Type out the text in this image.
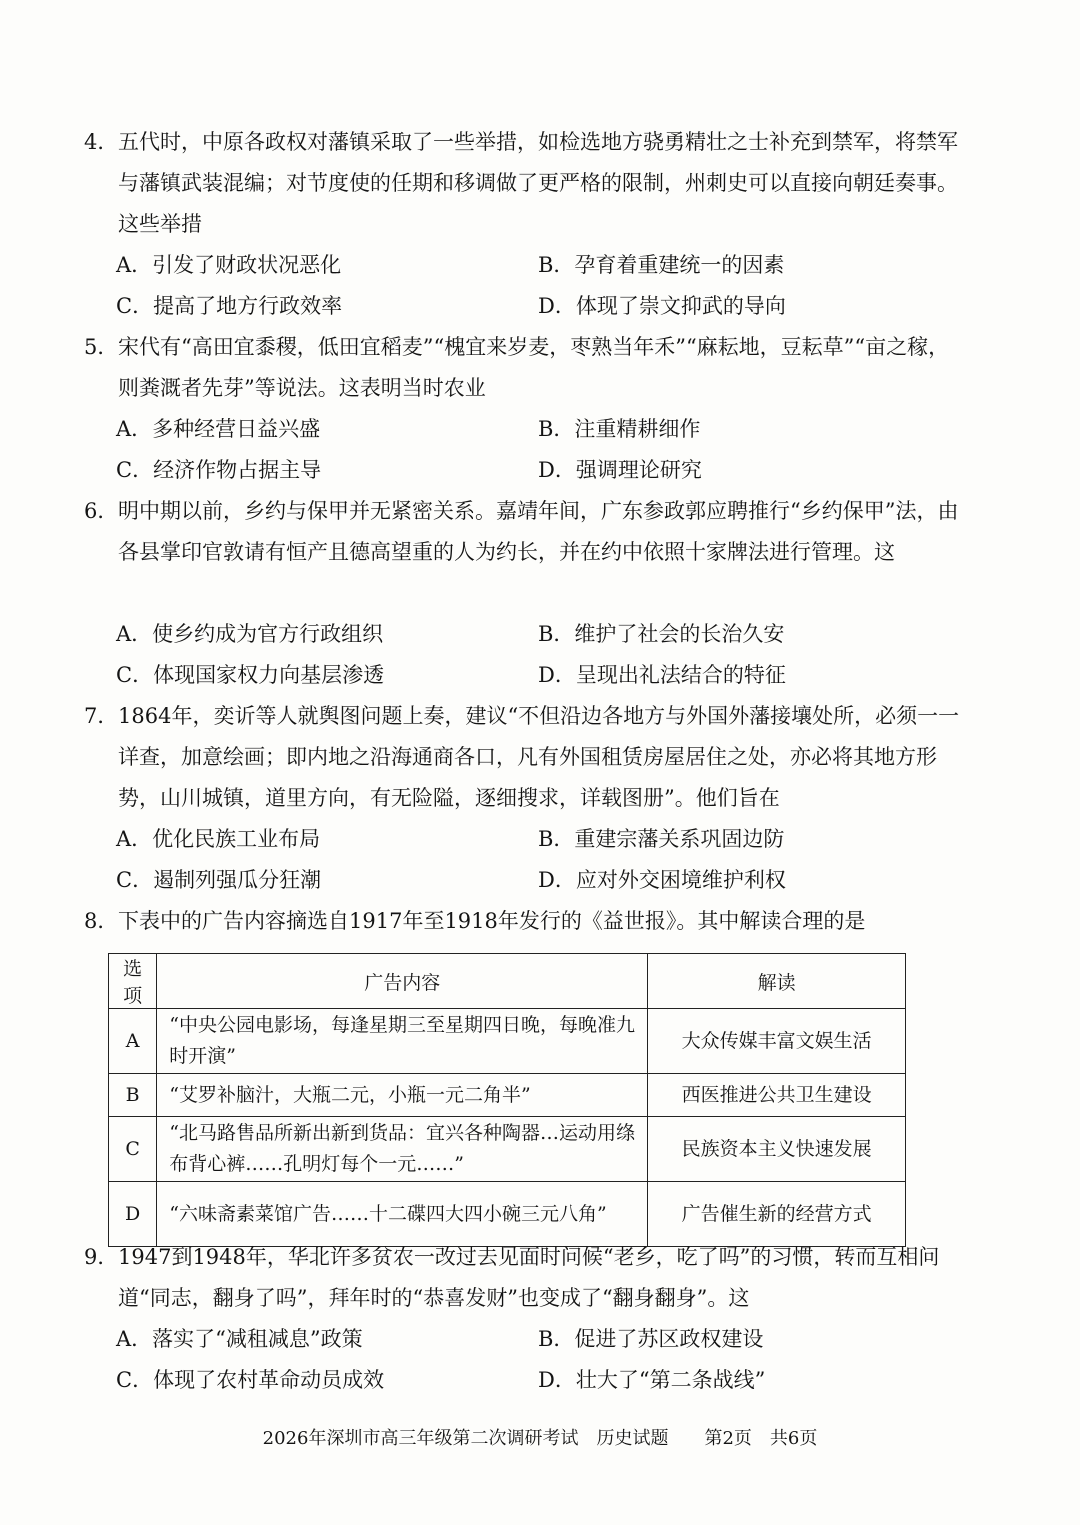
4． 五代时，中原各政权对藩镇采取了一些举措，如检选地方骁勇精壮之士补充到禁军，将禁军与藩镇武装混编；对节度使的任期和移调做了更严格的限制，州刺史可以直接向朝廷奏事。这些举措
A．引发了财政状况恶化	B．孕育着重建统一的因素
C．提高了地方行政效率	D．体现了崇文抑武的导向
5． 宋代有“高田宜黍稷，低田宜稻麦”“槐宜来岁麦，枣熟当年禾”“麻耘地，豆耘草”“亩之稼，则粪溉者先芽”等说法。这表明当时农业
A．多种经营日益兴盛	B．注重精耕细作
C．经济作物占据主导	D．强调理论研究
6． 明中期以前，乡约与保甲并无紧密关系。嘉靖年间，广东参政郭应聘推行“乡约保甲”法，由各县掌印官敦请有恒产且德高望重的人为约长，并在约中依照十家牌法进行管理。这
A．使乡约成为官方行政组织	B．维护了社会的长治久安
C．体现国家权力向基层渗透	D．呈现出礼法结合的特征
7． 1864年，奕䜣等人就舆图问题上奏，建议“不但沿边各地方与外国外藩接壤处所，必须一一详查，加意绘画；即内地之沿海通商各口，凡有外国租赁房屋居住之处，亦必将其地方形势，山川城镇，道里方向，有无险隘，逐细搜求，详载图册”。他们旨在
A．优化民族工业布局	B．重建宗藩关系巩固边防
C．遏制列强瓜分狂潮	D．应对外交困境维护利权
8． 下表中的广告内容摘选自1917年至1918年发行的《益世报》。其中解读合理的是
选项	广告内容	解读
A	“中央公园电影场，每逢星期三至星期四日晚，每晚准九时开演”	大众传媒丰富文娱生活
B	“艾罗补脑汁，大瓶二元，小瓶一元二角半”	西医推进公共卫生建设
C	“北马路售品所新出新到货品：宜兴各种陶器…运动用绦布背心裤……孔明灯每个一元……”	民族资本主义快速发展
D	“六味斋素菜馆广告……十二碟四大四小碗三元八角”	广告催生新的经营方式
9． 1947到1948年，华北许多贫农一改过去见面时问候“老乡，吃了吗”的习惯，转而互相问道“同志，翻身了吗”，拜年时的“恭喜发财”也变成了“翻身翻身”。这
A．落实了“减租减息”政策	B．促进了苏区政权建设
C．体现了农村革命动员成效	D．壮大了“第二条战线”
2026年深圳市高三年级第二次调研考试　历史试题　　第2页　共6页
